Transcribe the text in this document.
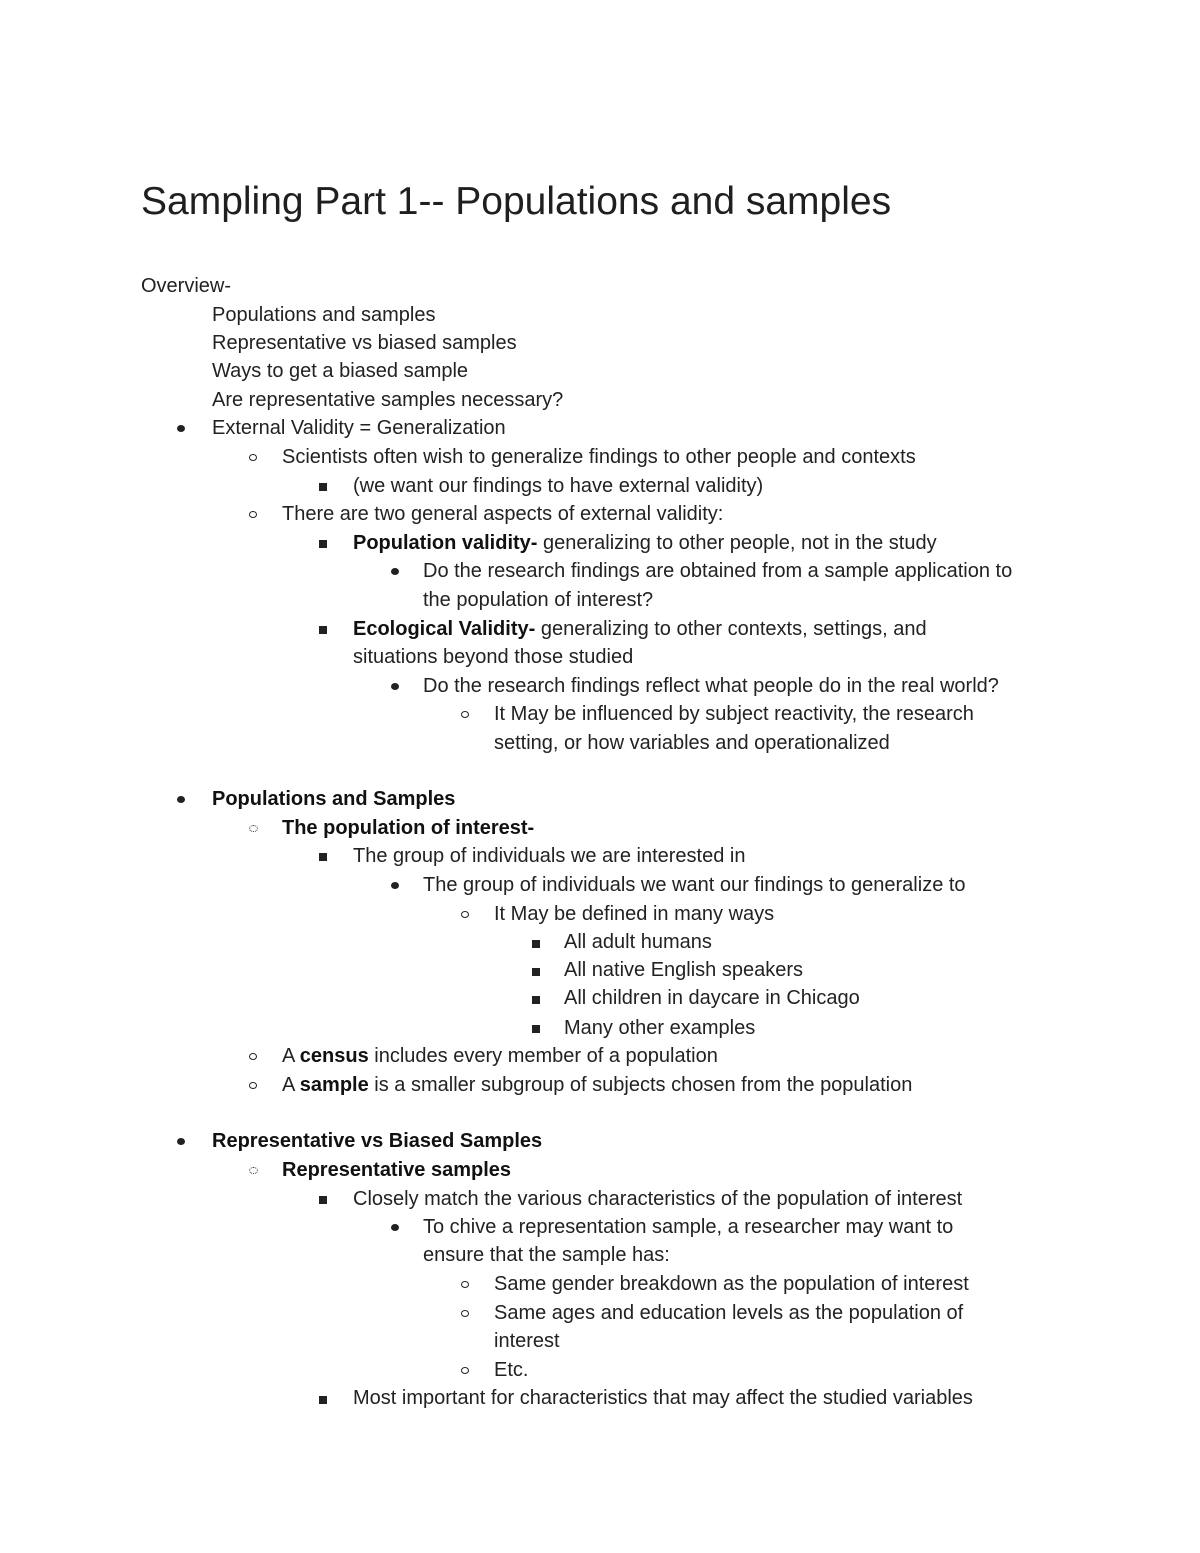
Sampling Part 1-- Populations and samples
Overview-
Populations and samples
Representative vs biased samples
Ways to get a biased sample
Are representative samples necessary?
External Validity = Generalization
Scientists often wish to generalize findings to other people and contexts
(we want our findings to have external validity)
There are two general aspects of external validity:
Population validity- generalizing to other people, not in the study
Do the research findings are obtained from a sample application to
the population of interest?
Ecological Validity- generalizing to other contexts, settings, and
situations beyond those studied
Do the research findings reflect what people do in the real world?
It May be influenced by subject reactivity, the research
setting, or how variables and operationalized
Populations and Samples
The population of interest-
The group of individuals we are interested in
The group of individuals we want our findings to generalize to
It May be defined in many ways
All adult humans
All native English speakers
All children in daycare in Chicago
Many other examples
A census includes every member of a population
A sample is a smaller subgroup of subjects chosen from the population
Representative vs Biased Samples
Representative samples
Closely match the various characteristics of the population of interest
To chive a representation sample, a researcher may want to
ensure that the sample has:
Same gender breakdown as the population of interest
Same ages and education levels as the population of
interest
Etc.
Most important for characteristics that may affect the studied variables
